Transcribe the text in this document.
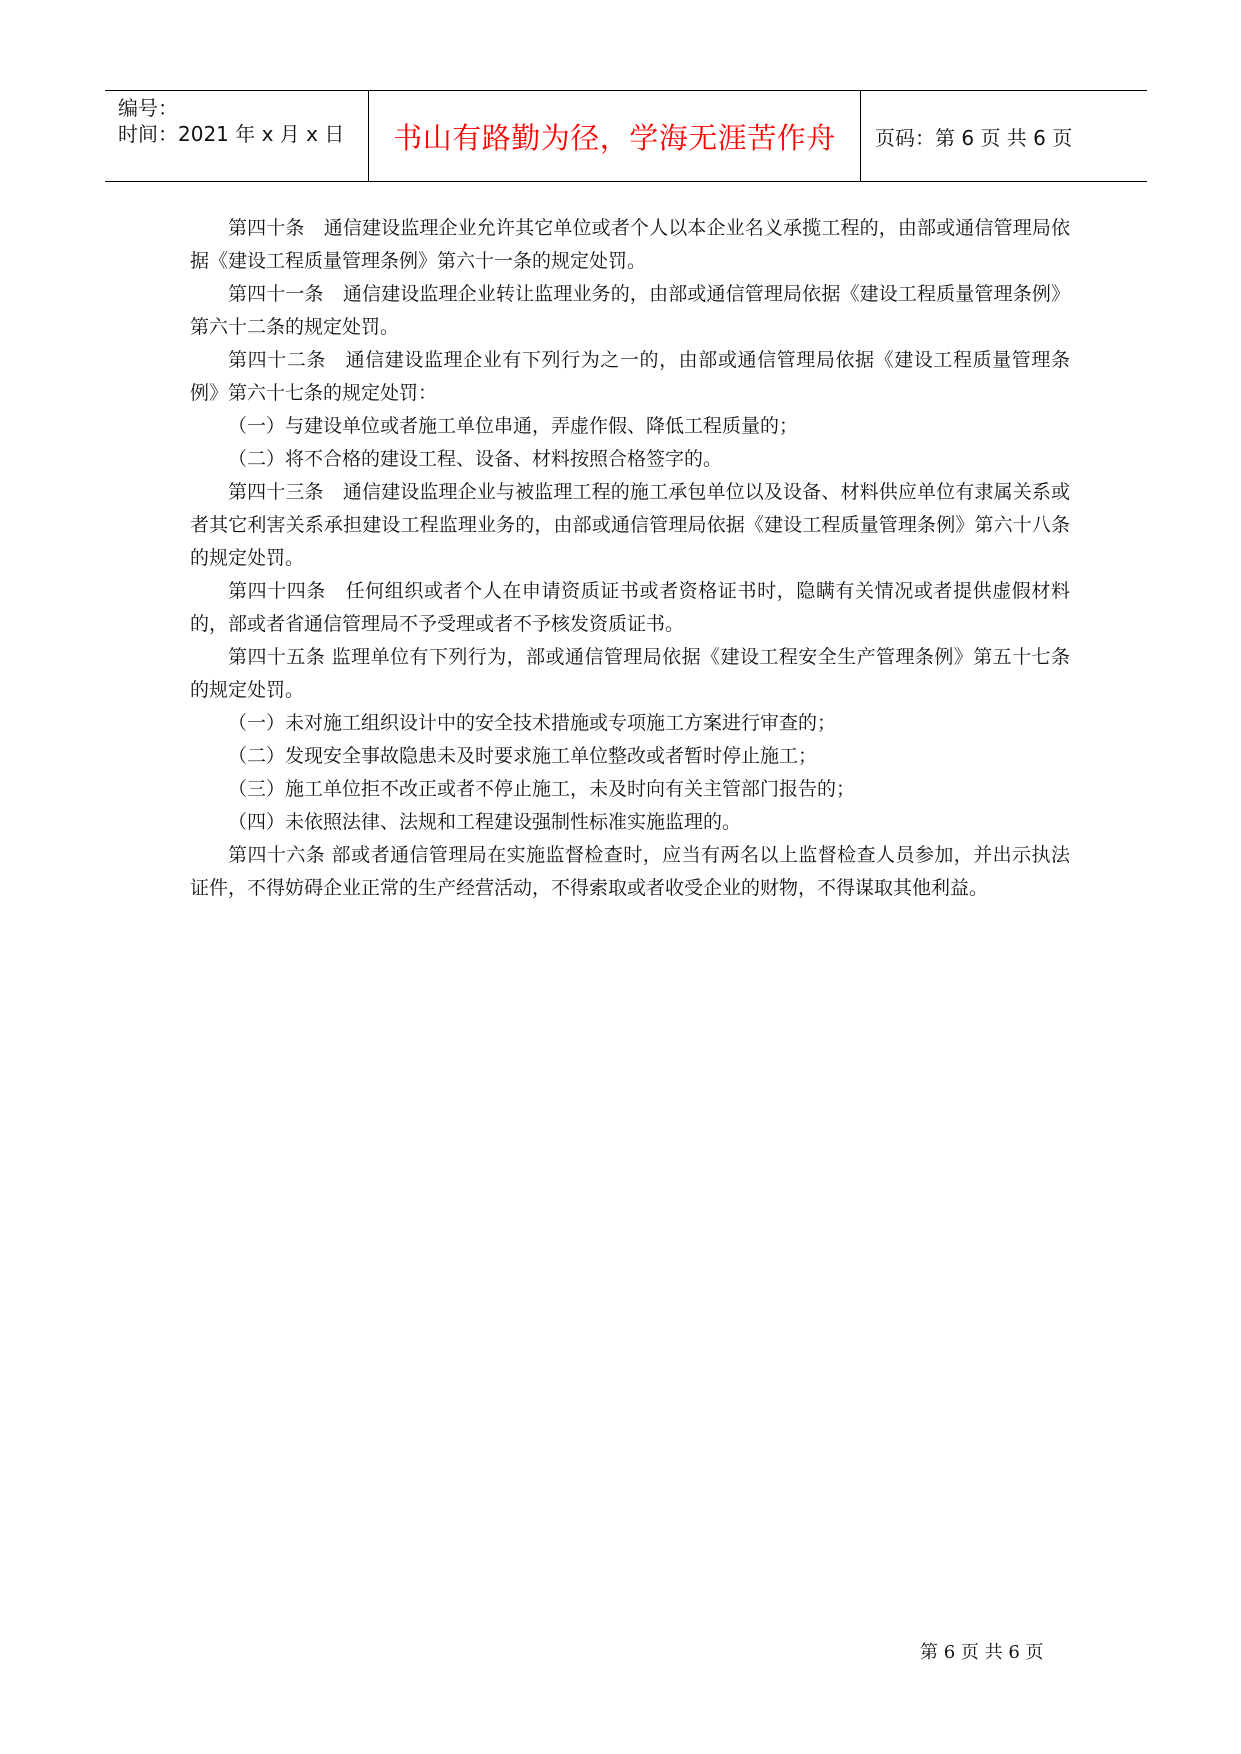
编号：
时间：2021 年 x 月 x 日	书山有路勤为径，学海无涯苦作舟 页码：第 6 页 共 6 页

第四十条　通信建设监理企业允许其它单位或者个人以本企业名义承揽工程的，由部或通信管理局依据《建设工程质量管理条例》第六十一条的规定处罚。

第四十一条　通信建设监理企业转让监理业务的，由部或通信管理局依据《建设工程质量管理条例》第六十二条的规定处罚。

第四十二条　通信建设监理企业有下列行为之一的，由部或通信管理局依据《建设工程质量管理条例》第六十七条的规定处罚：

（一）与建设单位或者施工单位串通，弄虚作假、降低工程质量的；

（二）将不合格的建设工程、设备、材料按照合格签字的。

第四十三条　通信建设监理企业与被监理工程的施工承包单位以及设备、材料供应单位有隶属关系或者其它利害关系承担建设工程监理业务的，由部或通信管理局依据《建设工程质量管理条例》第六十八条的规定处罚。

第四十四条　任何组织或者个人在申请资质证书或者资格证书时，隐瞒有关情况或者提供虚假材料的，部或者省通信管理局不予受理或者不予核发资质证书。

第四十五条 监理单位有下列行为，部或通信管理局依据《建设工程安全生产管理条例》第五十七条的规定处罚。

（一）未对施工组织设计中的安全技术措施或专项施工方案进行审查的；

（二）发现安全事故隐患未及时要求施工单位整改或者暂时停止施工；

（三）施工单位拒不改正或者不停止施工，未及时向有关主管部门报告的；

（四）未依照法律、法规和工程建设强制性标准实施监理的。

第四十六条 部或者通信管理局在实施监督检查时，应当有两名以上监督检查人员参加，并出示执法证件，不得妨碍企业正常的生产经营活动，不得索取或者收受企业的财物，不得谋取其他利益。

第 6 页 共 6 页
